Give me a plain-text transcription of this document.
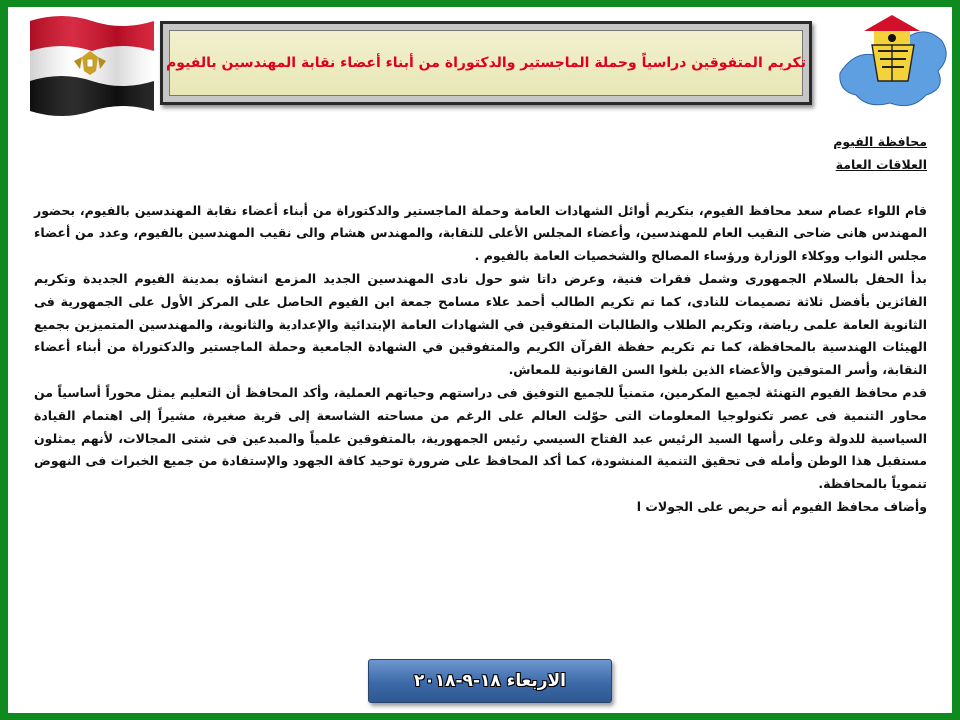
تكريم المتفوقين دراسياً وحملة الماجستير والدكتوراة من أبناء أعضاء نقابة المهندسين بالفيوم
محافظة الفيوم
العلاقات العامة

قام اللواء عصام سعد محافظ الفيوم، بتكريم أوائل الشهادات العامة وحملة الماجستير والدكتوراة من أبناء أعضاء نقابة المهندسين بالفيوم، بحضور المهندس هانى ضاحى النقيب العام للمهندسين، وأعضاء المجلس الأعلى للنقابة، والمهندس هشام والى نقيب المهندسين بالفيوم، وعدد من أعضاء مجلس النواب ووكلاء الوزارة ورؤساء المصالح والشخصيات العامة بالفيوم .

بدأ الحفل بالسلام الجمهورى وشمل فقرات فنية، وعرض داتا شو حول نادى المهندسين الجديد المزمع انشاؤه بمدينة الفيوم الجديدة وتكريم الفائزين بأفضل ثلاثة تصميمات للنادى، كما تم تكريم الطالب أحمد علاء مسامح جمعة ابن الفيوم الحاصل على المركز الأول على الجمهورية فى الثانوية العامة علمى رياضة، وتكريم الطلاب والطالبات المتفوقين في الشهادات العامة الإبتدائية والإعدادية والثانوية، والمهندسين المتميزين بجميع الهيئات الهندسية بالمحافظة، كما تم تكريم حفظة القرآن الكريم والمتفوقين في الشهادة الجامعية وحملة الماجستير والدكتوراة من أبناء أعضاء النقابة، وأسر المتوفين والأعضاء الذين بلغوا السن القانونية للمعاش.

قدم محافظ الفيوم التهنئة لجميع المكرمين، متمنياً للجميع التوفيق فى دراستهم وحياتهم العملية، وأكد المحافظ أن التعليم يمثل محوراً أساسياً من محاور التنمية فى عصر تكنولوجيا المعلومات التى حوّلت العالم على الرغم من مساحته الشاسعة إلى قرية صغيرة، مشيراً إلى اهتمام القيادة السياسية للدولة وعلى رأسها السيد الرئيس عبد الفتاح السيسي رئيس الجمهورية، بالمتفوقين علمياً والمبدعين فى شتى المجالات، لأنهم يمثلون مستقبل هذا الوطن وأمله فى تحقيق التنمية المنشودة، كما أكد المحافظ على ضرورة توحيد كافة الجهود والإستفادة من جميع الخبرات فى النهوض تنموياً بالمحافظة.

وأضاف محافظ الفيوم أنه حريص على الجولات ا

الاربعاء ١٨-٩-٢٠١٨
